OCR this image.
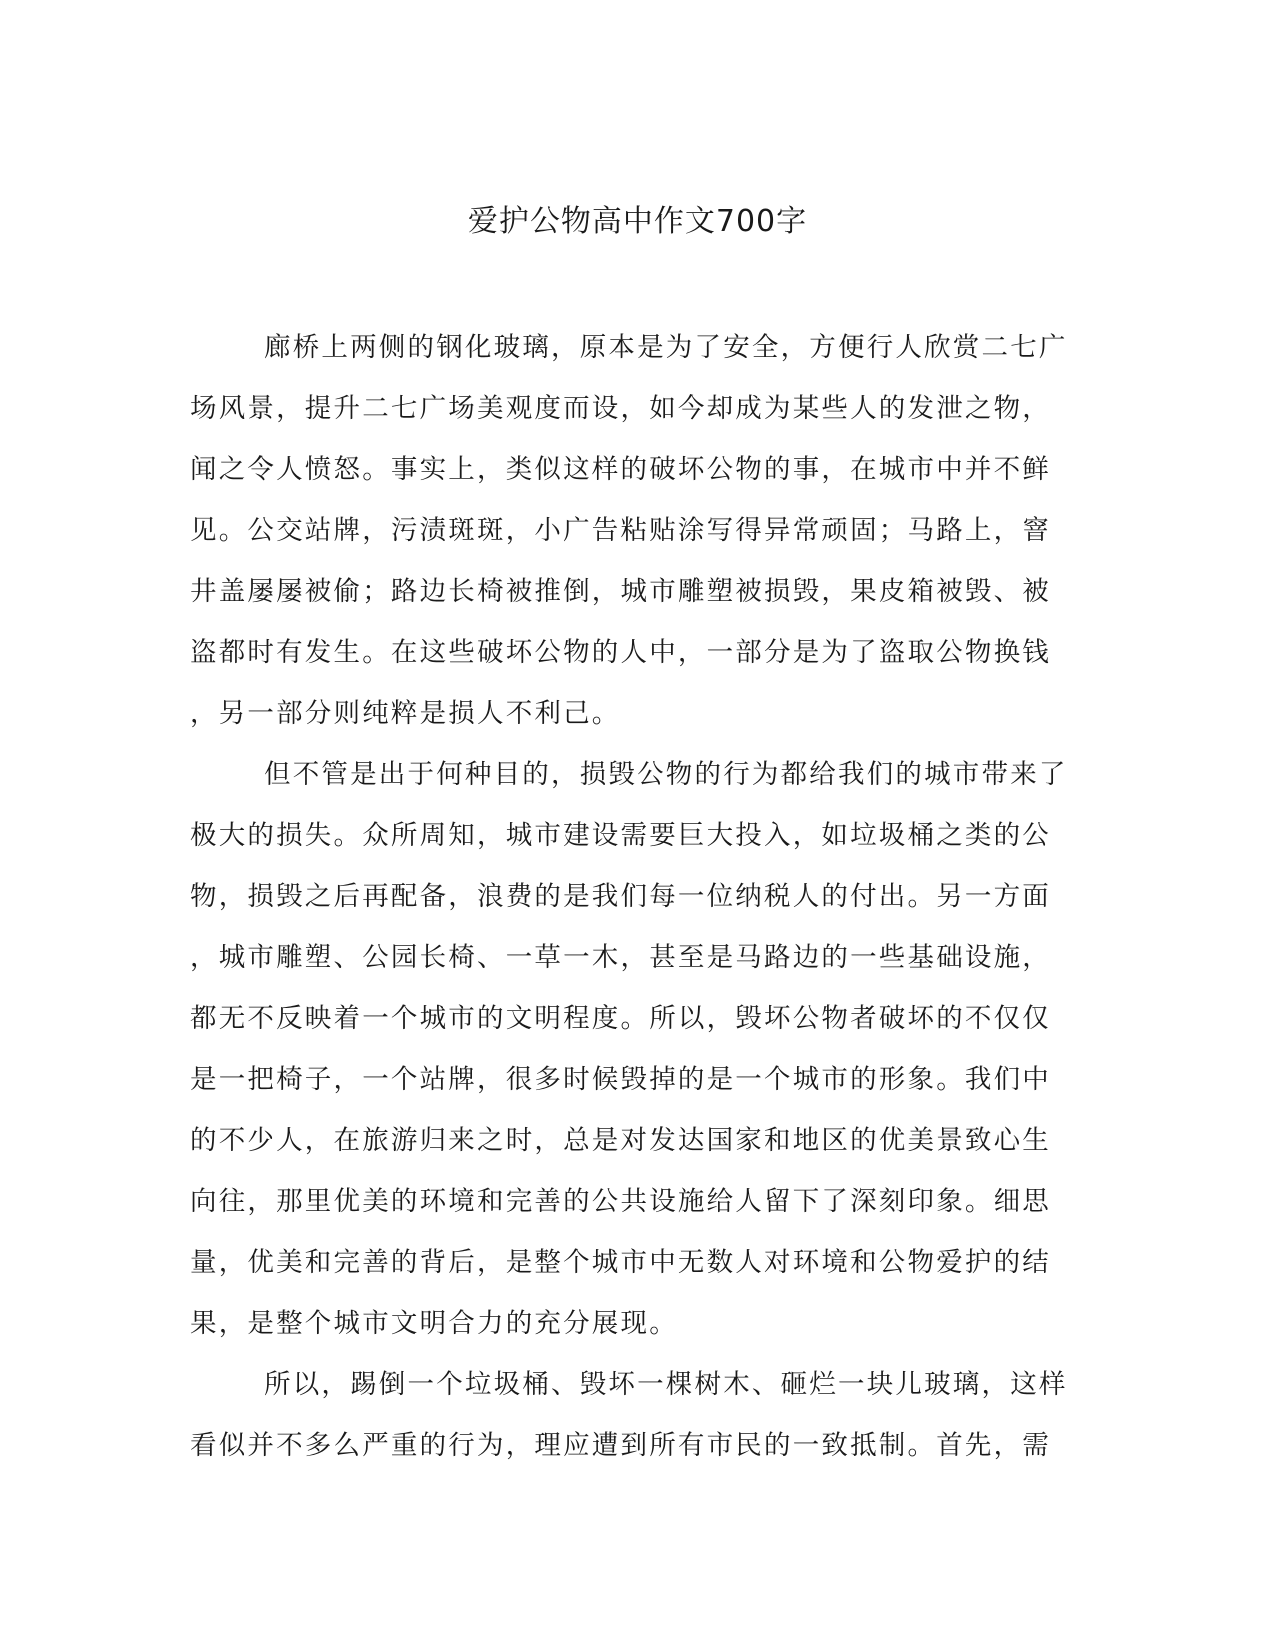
爱护公物高中作文700字
廊桥上两侧的钢化玻璃，原本是为了安全，方便行人欣赏二七广
场风景，提升二七广场美观度而设，如今却成为某些人的发泄之物，
闻之令人愤怒。事实上，类似这样的破坏公物的事，在城市中并不鲜
见。公交站牌，污渍斑斑，小广告粘贴涂写得异常顽固；马路上，窨
井盖屡屡被偷；路边长椅被推倒，城市雕塑被损毁，果皮箱被毁、被
盗都时有发生。在这些破坏公物的人中，一部分是为了盗取公物换钱
，另一部分则纯粹是损人不利己。
但不管是出于何种目的，损毁公物的行为都给我们的城市带来了
极大的损失。众所周知，城市建设需要巨大投入，如垃圾桶之类的公
物，损毁之后再配备，浪费的是我们每一位纳税人的付出。另一方面
，城市雕塑、公园长椅、一草一木，甚至是马路边的一些基础设施，
都无不反映着一个城市的文明程度。所以，毁坏公物者破坏的不仅仅
是一把椅子，一个站牌，很多时候毁掉的是一个城市的形象。我们中
的不少人，在旅游归来之时，总是对发达国家和地区的优美景致心生
向往，那里优美的环境和完善的公共设施给人留下了深刻印象。细思
量，优美和完善的背后，是整个城市中无数人对环境和公物爱护的结
果，是整个城市文明合力的充分展现。
所以，踢倒一个垃圾桶、毁坏一棵树木、砸烂一块儿玻璃，这样
看似并不多么严重的行为，理应遭到所有市民的一致抵制。首先，需
